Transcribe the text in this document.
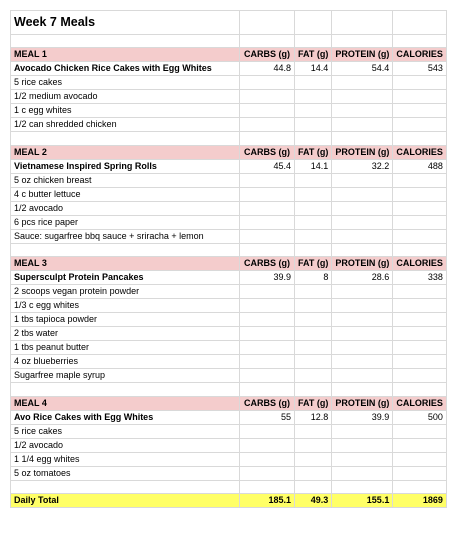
Week 7 Meals				

MEAL 1	CARBS (g)	FAT (g)	PROTEIN (g)	CALORIES
Avocado Chicken Rice Cakes with Egg Whites	44.8	14.4	54.4	543
5 rice cakes				
1/2 medium avocado				
1 c egg whites				
1/2 can shredded chicken				

MEAL 2	CARBS (g)	FAT (g)	PROTEIN (g)	CALORIES
Vietnamese Inspired Spring Rolls	45.4	14.1	32.2	488
5 oz chicken breast				
4 c butter lettuce				
1/2 avocado				
6 pcs rice paper				
Sauce: sugarfree bbq sauce + sriracha + lemon				

MEAL 3	CARBS (g)	FAT (g)	PROTEIN (g)	CALORIES
Supersculpt Protein Pancakes	39.9	8	28.6	338
2 scoops vegan protein powder				
1/3 c egg whites				
1 tbs tapioca powder				
2 tbs water				
1 tbs peanut butter				
4 oz blueberries				
Sugarfree maple syrup				

MEAL 4	CARBS (g)	FAT (g)	PROTEIN (g)	CALORIES
Avo Rice Cakes with Egg Whites	55	12.8	39.9	500
5 rice cakes				
1/2 avocado				
1 1/4 egg whites				
5 oz tomatoes				

Daily Total	185.1	49.3	155.1	1869
